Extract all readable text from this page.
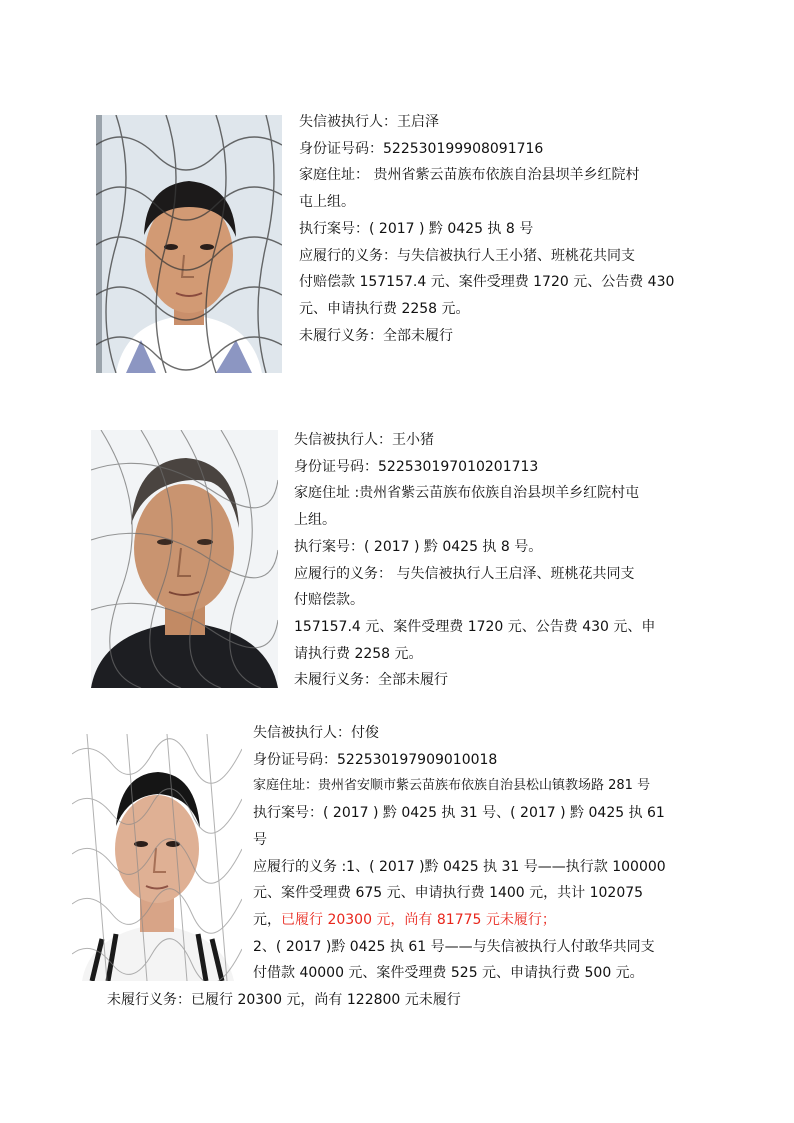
失信被执行人：王启泽
身份证号码：522530199908091716
家庭住址： 贵州省紫云苗族布依族自治县坝羊乡红院村
屯上组。
执行案号：( 2017 ) 黔 0425 执 8 号
应履行的义务：与失信被执行人王小猪、班桃花共同支
付赔偿款 157157.4 元、案件受理费 1720 元、公告费 430
元、申请执行费 2258 元。
未履行义务：全部未履行
失信被执行人：王小猪
身份证号码：522530197010201713
家庭住址 :贵州省紫云苗族布依族自治县坝羊乡红院村屯
上组。
执行案号：( 2017 ) 黔 0425 执 8 号。
应履行的义务： 与失信被执行人王启泽、班桃花共同支
付赔偿款。
157157.4 元、案件受理费 1720 元、公告费 430 元、申
请执行费 2258 元。
未履行义务：全部未履行
失信被执行人：付俊
身份证号码：522530197909010018
家庭住址：贵州省安顺市紫云苗族布依族自治县松山镇教场路 281 号
执行案号：( 2017 ) 黔 0425 执 31 号、( 2017 ) 黔 0425 执 61
号
应履行的义务 :1、( 2017 )黔 0425 执 31 号——执行款 100000
元、案件受理费 675 元、申请执行费 1400 元，共计 102075
元，已履行 20300 元，尚有 81775 元未履行；
2、( 2017 )黔 0425 执 61 号——与失信被执行人付敢华共同支
付借款 40000 元、案件受理费 525 元、申请执行费 500 元。
未履行义务：已履行 20300 元，尚有 122800 元未履行
